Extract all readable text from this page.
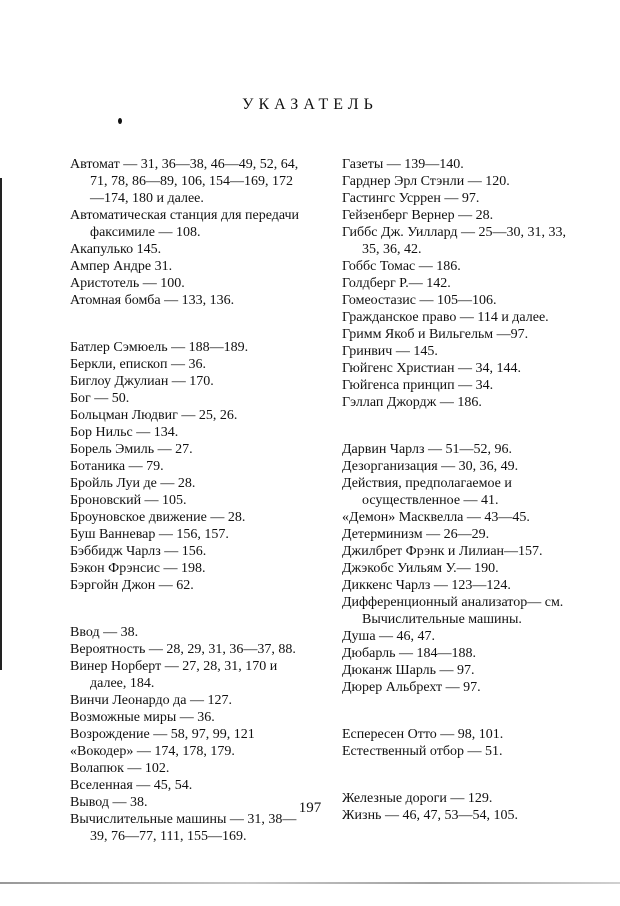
УКАЗАТЕЛЬ

Автомат — 31, 36—38, 46—49, 52, 64, 71, 78, 86—89, 106, 154—169, 172—174, 180 и далее.

Автоматическая станция для передачи факсимиле — 108.

Акапулько 145.

Ампер Андре 31.

Аристотель — 100.

Атомная бомба — 133, 136.

Батлер Сэмюель — 188—189.

Беркли, епископ — 36.

Биглоу Джулиан — 170.

Бог — 50.

Больцман Людвиг — 25, 26.

Бор Нильс — 134.

Борель Эмиль — 27.

Ботаника — 79.

Бройль Луи де — 28.

Броновский — 105.

Броуновское движение — 28.

Буш Ванневар — 156, 157.

Бэббидж Чарлз — 156.

Бэкон Фрэнсис — 198.

Бэргойн Джон — 62.

Ввод — 38.

Вероятность — 28, 29, 31, 36—37, 88.

Винер Норберт — 27, 28, 31, 170 и далее, 184.

Винчи Леонардо да — 127.

Возможные миры — 36.

Возрождение — 58, 97, 99, 121

«Вокодер» — 174, 178, 179.

Волапюк — 102.

Вселенная — 45, 54.

Вывод — 38.

Вычислительные машины — 31, 38—39, 76—77, 111, 155—169.

Газеты — 139—140.

Гарднер Эрл Стэнли — 120.

Гастингс Усррен — 97.

Гейзенберг Вернер — 28.

Гиббс Дж. Уиллард — 25—30, 31, 33, 35, 36, 42.

Гоббс Томас — 186.

Голдберг Р.— 142.

Гомеостазис — 105—106.

Гражданское право — 114 и далее.

Гримм Якоб и Вильгельм —97.

Гринвич — 145.

Гюйгенс Христиан — 34, 144.

Гюйгенса принцип — 34.

Гэллап Джордж — 186.

Дарвин Чарлз — 51—52, 96.

Дезорганизация — 30, 36, 49.

Действия, предполагаемое и осуществленное — 41.

«Демон» Масквелла — 43—45.

Детерминизм — 26—29.

Джилбрет Фрэнк и Лилиан—157.

Джэкобс Уильям У.— 190.

Диккенс Чарлз — 123—124.

Дифференционный анализатор— см. Вычислительные машины.

Душа — 46, 47.

Дюбарль — 184—188.

Дюканж Шарль — 97.

Дюрер Альбрехт — 97.

Еспересен Отто — 98, 101.

Естественный отбор — 51.

Железные дороги — 129.

Жизнь — 46, 47, 53—54, 105.

197
